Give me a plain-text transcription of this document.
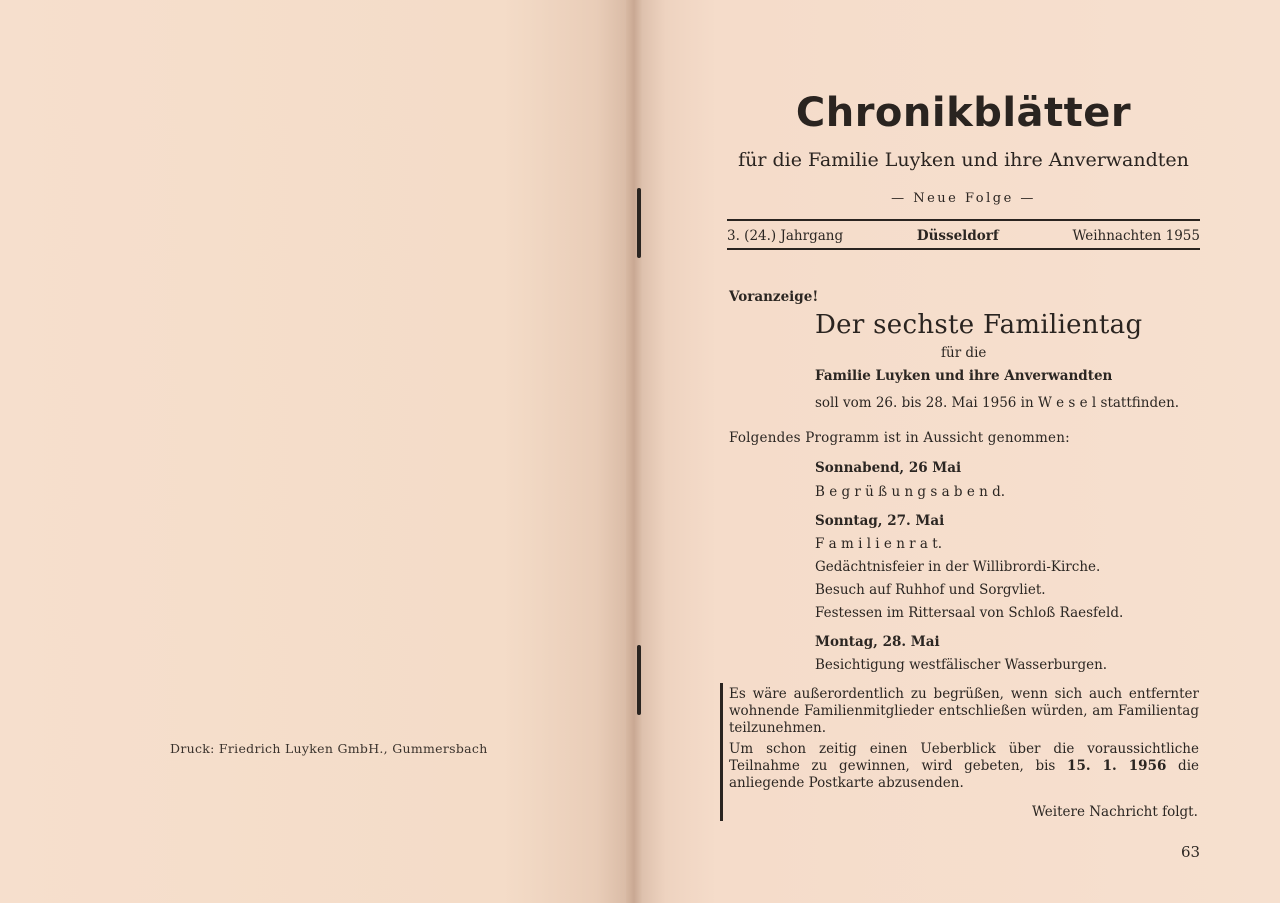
Druck: Friedrich Luyken GmbH., Gummersbach
Chronikblätter
für die Familie Luyken und ihre Anverwandten
— Neue Folge —
3. (24.) Jahrgang	Düsseldorf	Weihnachten 1955
Voranzeige!
Der sechste Familientag
für die
Familie Luyken und ihre Anverwandten
soll vom 26. bis 28. Mai 1956 in W e s e l stattfinden.
Folgendes Programm ist in Aussicht genommen:
Sonnabend, 26 Mai
B e g r ü ß u n g s a b e n d.
Sonntag, 27. Mai
F a m i l i e n r a t.
Gedächtnisfeier in der Willibrordi-Kirche.
Besuch auf Ruhhof und Sorgvliet.
Festessen im Rittersaal von Schloß Raesfeld.
Montag, 28. Mai
Besichtigung westfälischer Wasserburgen.
Es wäre außerordentlich zu begrüßen, wenn sich auch entfernter wohnende Familienmitglieder entschließen würden, am Familientag teilzunehmen.
Um schon zeitig einen Ueberblick über die voraussichtliche Teilnahme zu gewinnen, wird gebeten, bis 15. 1. 1956 die anliegende Postkarte abzusenden.
Weitere Nachricht folgt.
63
